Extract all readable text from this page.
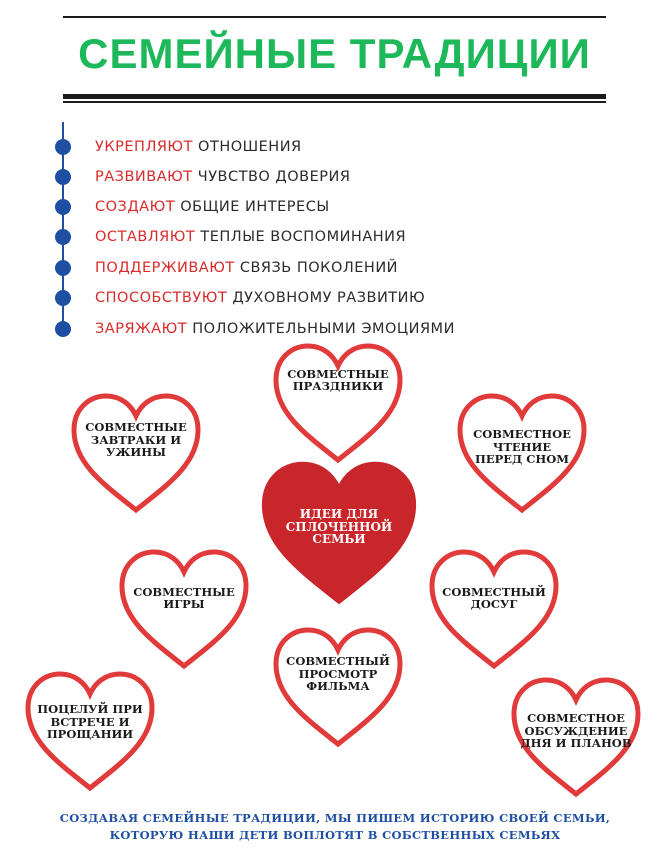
СЕМЕЙНЫЕ ТРАДИЦИИ
УКРЕПЛЯЮТ ОТНОШЕНИЯ
РАЗВИВАЮТ ЧУВСТВО ДОВЕРИЯ
СОЗДАЮТ ОБЩИЕ ИНТЕРЕСЫ
ОСТАВЛЯЮТ ТЕПЛЫЕ ВОСПОМИНАНИЯ
ПОДДЕРЖИВАЮТ СВЯЗЬ ПОКОЛЕНИЙ
СПОСОБСТВУЮТ ДУХОВНОМУ РАЗВИТИЮ
ЗАРЯЖАЮТ ПОЛОЖИТЕЛЬНЫМИ ЭМОЦИЯМИ
СОВМЕСТНЫЕ ПРАЗДНИКИ
СОВМЕСТНЫЕ ЗАВТРАКИ И УЖИНЫ
СОВМЕСТНОЕ ЧТЕНИЕ ПЕРЕД СНОМ
ИДЕИ ДЛЯ СПЛОЧЕННОЙ СЕМЬИ
СОВМЕСТНЫЕ ИГРЫ
СОВМЕСТНЫЙ ДОСУГ
СОВМЕСТНЫЙ ПРОСМОТР ФИЛЬМА
ПОЦЕЛУЙ ПРИ ВСТРЕЧЕ И ПРОЩАНИИ
СОВМЕСТНОЕ ОБСУЖДЕНИЕ ДНЯ И ПЛАНОВ
СОЗДАВАЯ СЕМЕЙНЫЕ ТРАДИЦИИ, МЫ ПИШЕМ ИСТОРИЮ СВОЕЙ СЕМЬИ,
КОТОРУЮ НАШИ ДЕТИ ВОПЛОТЯТ В СОБСТВЕННЫХ СЕМЬЯХ
